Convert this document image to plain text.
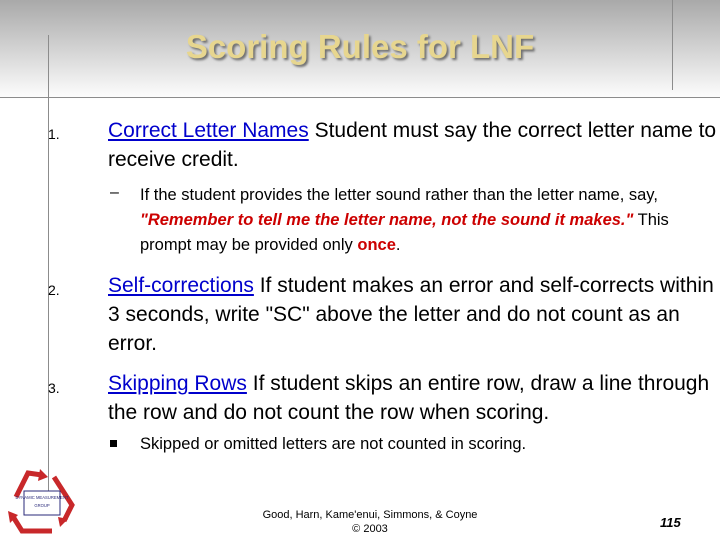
Scoring Rules for LNF
1. Correct Letter Names Student must say the correct letter name to receive credit.
– If the student provides the letter sound rather than the letter name, say, "Remember to tell me the letter name, not the sound it makes." This prompt may be provided only once.
2. Self-corrections If student makes an error and self-corrects within 3 seconds, write "SC" above the letter and do not count as an error.
3. Skipping Rows If student skips an entire row, draw a line through the row and do not count the row when scoring.
Skipped or omitted letters are not counted in scoring.
DYNAMIC MEASUREMENT
GROUP
Good, Harn, Kame'enui, Simmons, & Coyne
© 2003	115
